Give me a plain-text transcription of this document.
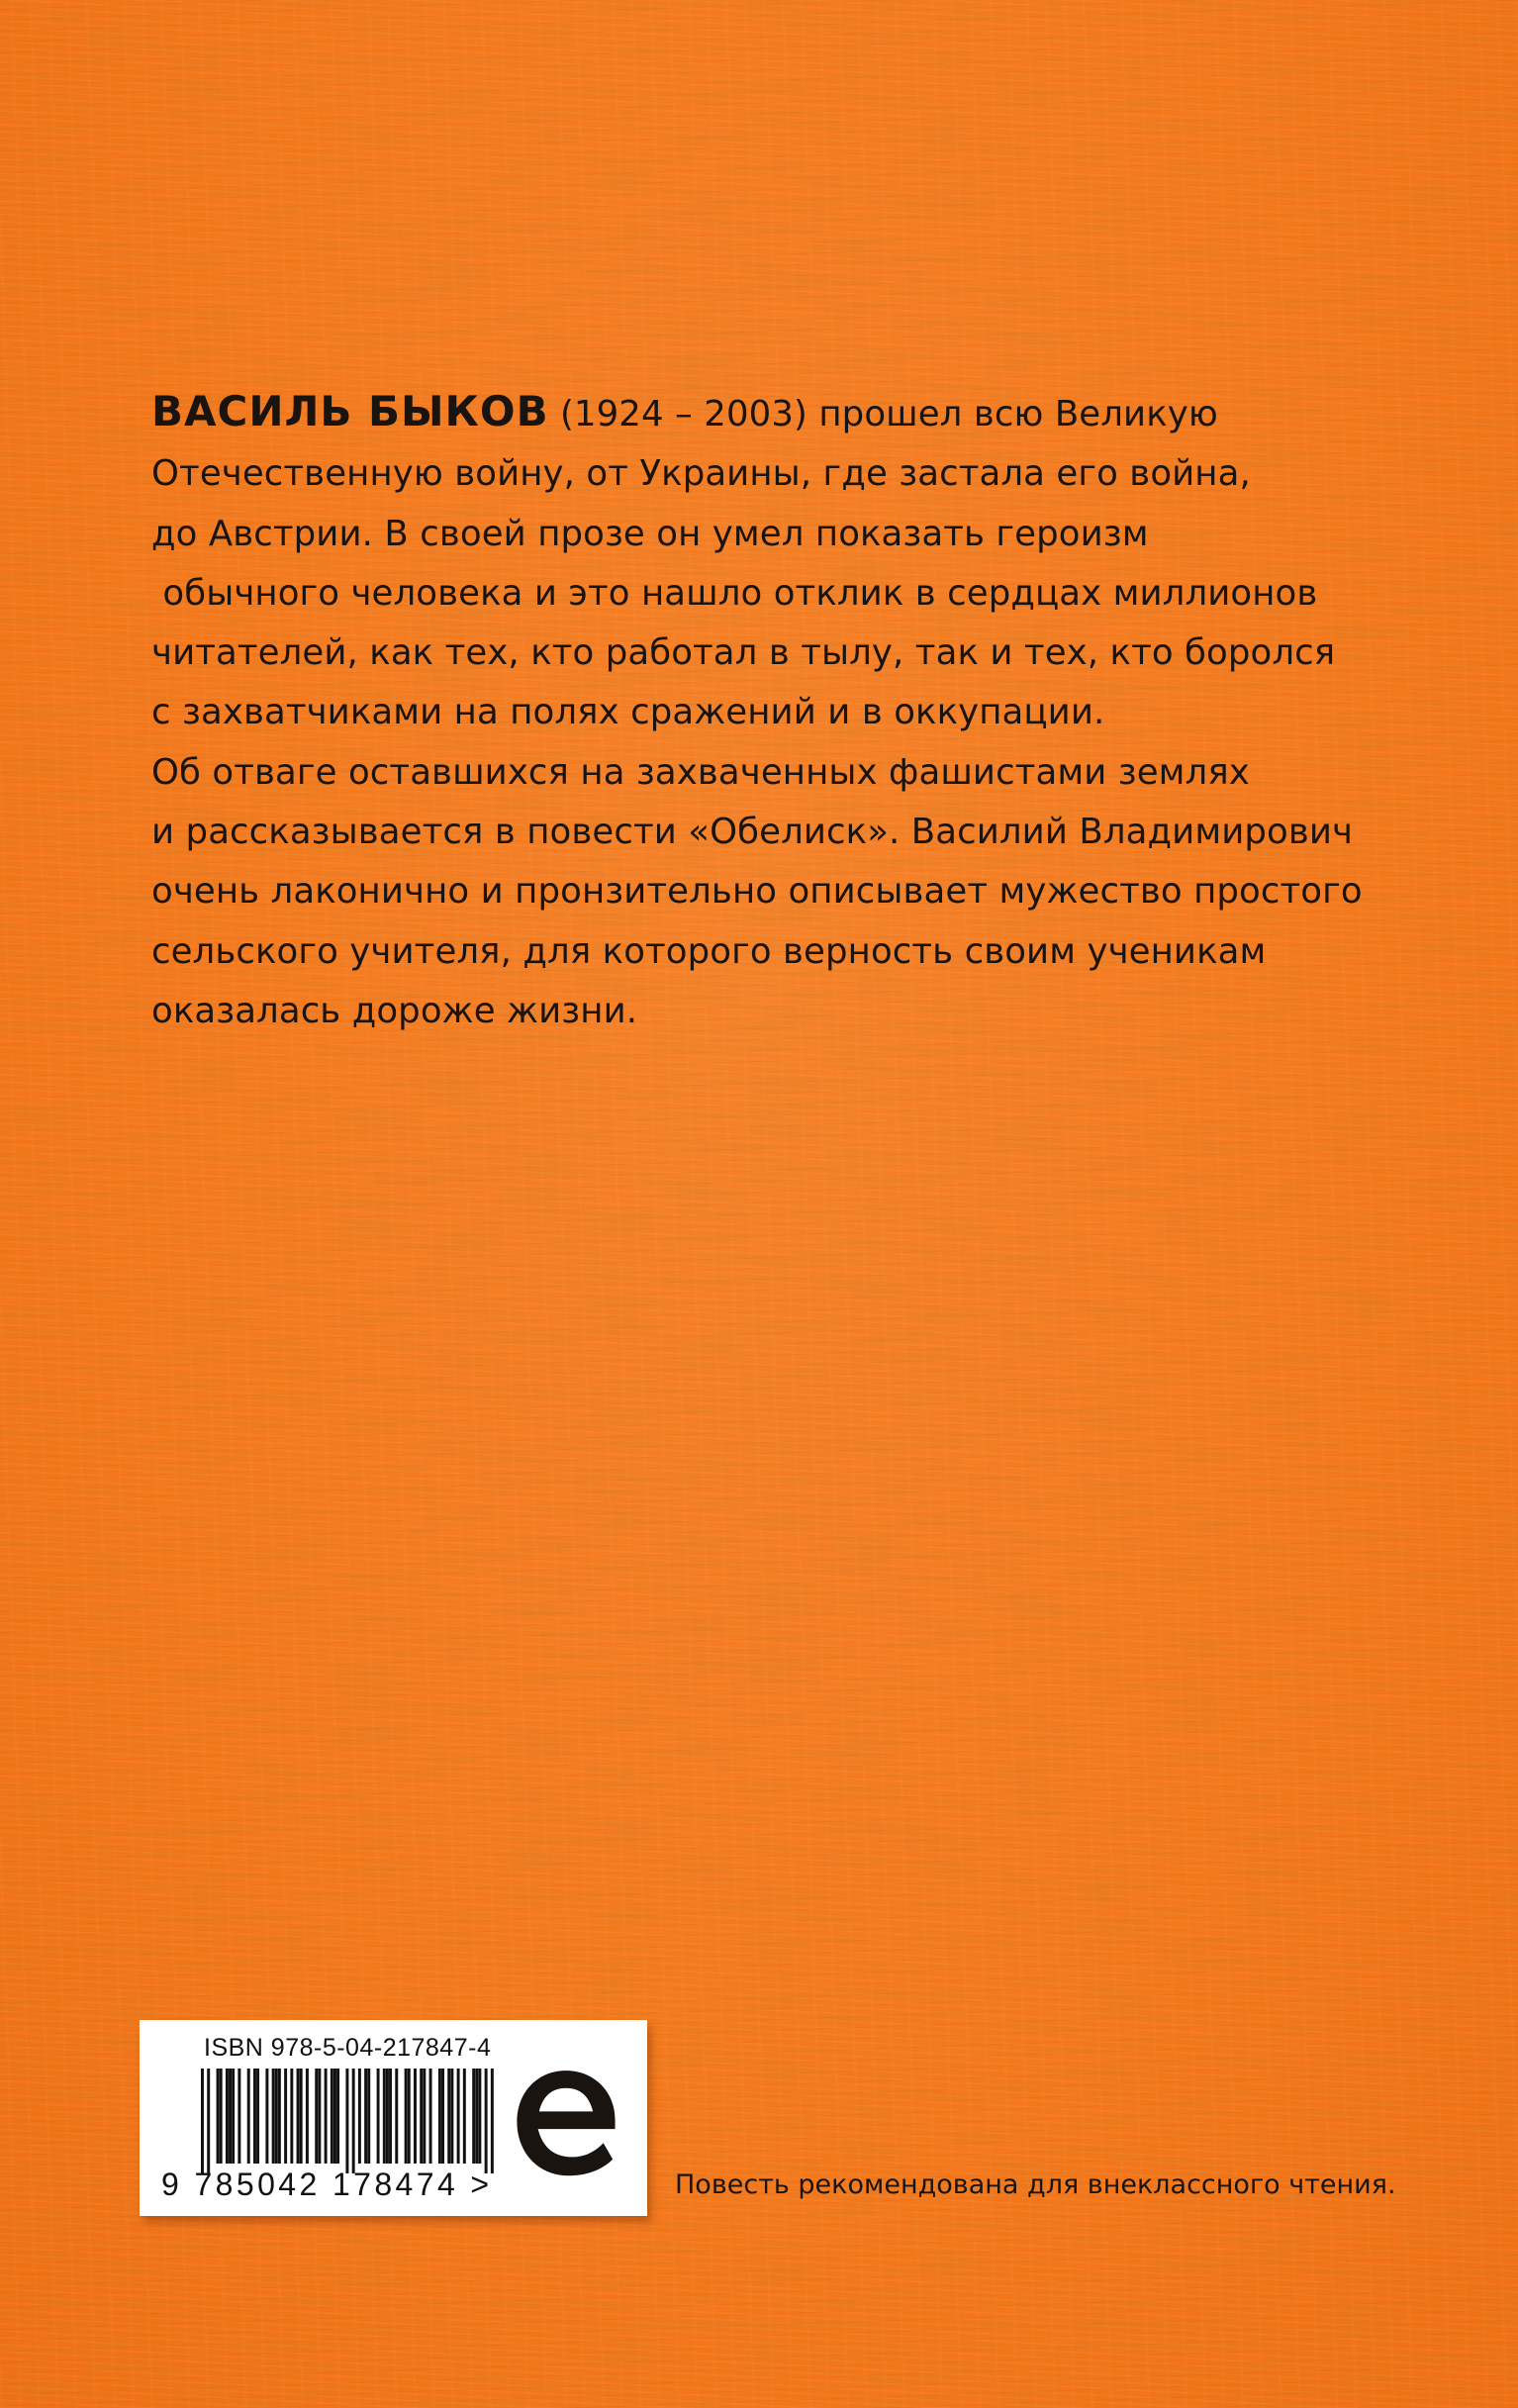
ВАСИЛЬ БЫКОВ (1924 – 2003) прошел всю Великую
Отечественную войну, от Украины, где застала его война,
до Австрии. В своей прозе он умел показать героизм
обычного человека и это нашло отклик в сердцах миллионов
читателей, как тех, кто работал в тылу, так и тех, кто боролся
с захватчиками на полях сражений и в оккупации.
Об отваге оставшихся на захваченных фашистами землях
и рассказывается в повести «Обелиск». Василий Владимирович
очень лаконично и пронзительно описывает мужество простого
сельского учителя, для которого верность своим ученикам
оказалась дороже жизни.
ISBN 978-5-04-217847-4
9 785042 178474 >	Повесть рекомендована для внеклассного чтения.
